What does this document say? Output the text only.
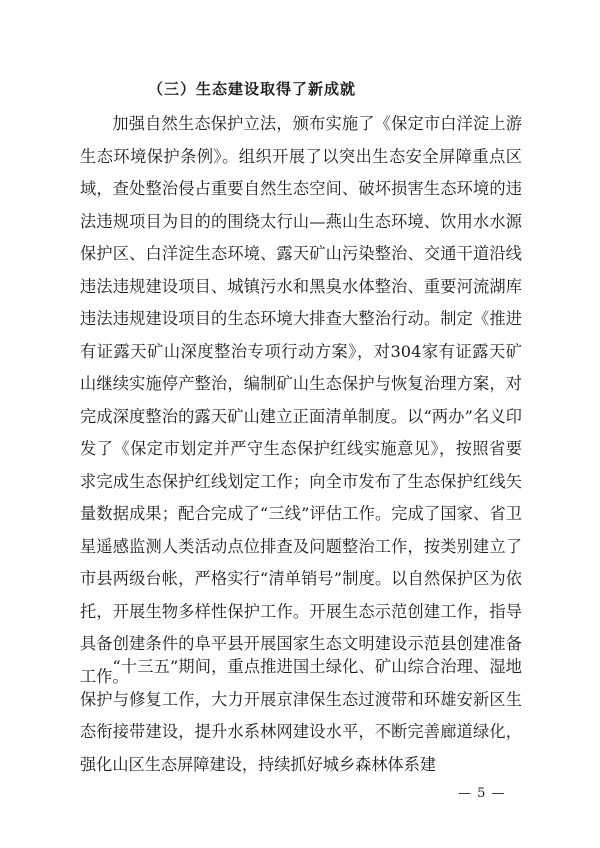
（三）生态建设取得了新成就

加强自然生态保护立法，颁布实施了《保定市白洋淀上游生态环境保护条例》。组织开展了以突出生态安全屏障重点区域，查处整治侵占重要自然生态空间、破坏损害生态环境的违法违规项目为目的的围绕太行山—燕山生态环境、饮用水水源保护区、白洋淀生态环境、露天矿山污染整治、交通干道沿线违法违规建设项目、城镇污水和黑臭水体整治、重要河流湖库违法违规建设项目的生态环境大排查大整治行动。制定《推进有证露天矿山深度整治专项行动方案》，对304家有证露天矿山继续实施停产整治，编制矿山生态保护与恢复治理方案，对完成深度整治的露天矿山建立正面清单制度。以“两办”名义印发了《保定市划定并严守生态保护红线实施意见》，按照省要求完成生态保护红线划定工作；向全市发布了生态保护红线矢量数据成果；配合完成了“三线”评估工作。完成了国家、省卫星遥感监测人类活动点位排查及问题整治工作，按类别建立了市县两级台帐，严格实行“清单销号”制度。以自然保护区为依托，开展生物多样性保护工作。开展生态示范创建工作，指导具备创建条件的阜平县开展国家生态文明建设示范县创建准备工作。

“十三五”期间，重点推进国土绿化、矿山综合治理、湿地保护与修复工作，大力开展京津保生态过渡带和环雄安新区生态衔接带建设，提升水系林网建设水平，不断完善廊道绿化，强化山区生态屏障建设，持续抓好城乡森林体系建

— 5 —
